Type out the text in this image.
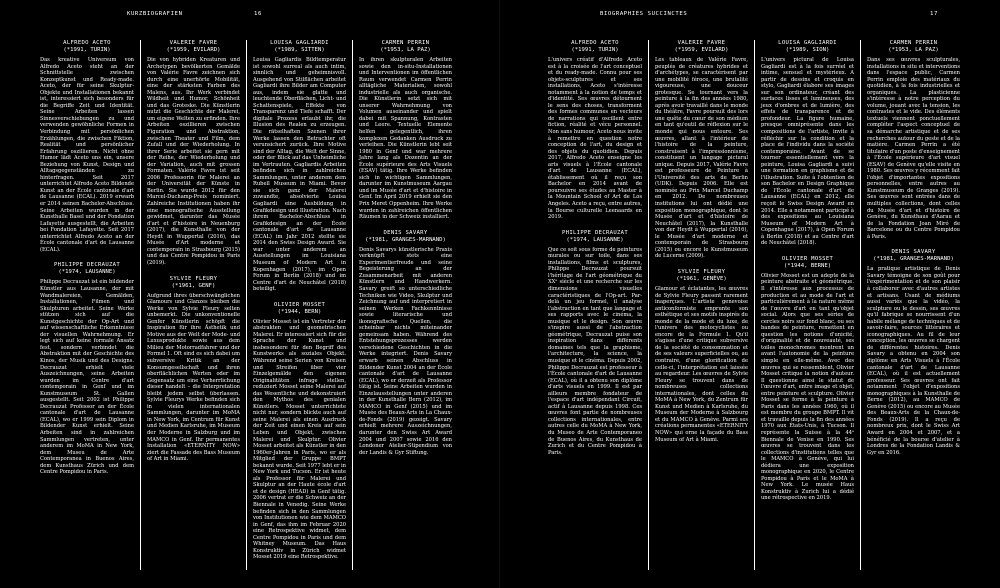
KURZBIOGRAFIEN	16
ALFREDO ACETO
(*1991, TURIN)
Das kreative Universum von Alfredo Aceto steht an der Schnittstelle zwischen Konzeptkunst und Ready-made. Aceto, der für seine Skulptur-Objekte und Installationen bekannt ist, interessiert sich besonders für die Begriffe Zeit und Identität. Seine Arbeiten lassen Sinnesverschiebungen zu und verwenden gewöhnliche Formen in Verbindung mit persönlichen Erzählungen, die zwischen Fiktion, Realität und persönlicher Erfahrung oszillieren. Nicht ohne Humor lädt Aceto uns ein, unsere Beziehung von Kunst, Design und Alltagsgegenständen zu hinterfragen. Seit 2017 unterrichtet Alfredo Aceto Bildende Kunst an der École cantonale d'art de Lausanne (ECAL). 2019 erwarb er 2014 seinen Bachelor-Abschluss. Seine Arbeiten wurden in der Kunsthalle Basel und der Fondation Lafayette ausgestellt, die Arbeiten bei Fondation Lafayette. Seit 2017 unterrichtet Alfredo Aceto an der École cantonale d'art de Lausanne (ECAL).
PHILIPPE DECRAUZAT
(*1974, LAUSANNE)
Philippe Decrauzat ist ein bildender Künstler aus Lausanne, der mit Wandmalereien, Gemälden, Installationen, Filmen und Skulpturen arbeitet. Seine Werke stützen sich auf die Kunstgeschichte der Op-Art und auf wissenschaftliche Erkenntnisse der visuellen Wahrnehmung. Er legt sich auf keine formale Ansatz fest, sondern verbindet die Abstraktion mit der Geschichte des Kinos, der Musik und des Designs. Decrauzat erhielt viele Auszeichnungen, seine Arbeiten wurden im Centre d'art contemporain in Genf und im Kunstmuseum St. Gallen ausgestellt. Seit 2002 ist Philippe Decrauzat Professor an der École cantonale d'art de Lausanne (ECAL), wo er 1999 sein Diplom in Bildender Kunst erhielt. Seine Arbeiten sind in zahlreichen Sammlungen vertreten, unter anderem im MoMA in New York, dem Museu de Arte Contemporanea in Buenos Aires, dem Kunsthaus Zürich und dem Centre Pompidou in Paris.
VALÉRIE FAVRE
(*1959, EVILARD)
Die von hybriden Kreaturen und Archetypen bevölkerten Gemälde von Valérie Favre zeichnen sich durch eine unerhörte Mobilität, eine der stärksten Farben des Malens, aus. Ihr Werk verbindet Wildheit und Humor, Schönheit und das Groteske. Die Künstlerin nutzt die Geschichte der Malerei, um eigene Welten zu erfinden. Ihre Arbeiten oszillieren zwischen Figuration und Abstraktion, zwischen Theater und Film, dem Zufall und der Wiederholung. In ihrer Serie arbeitet sie gern mit der Reihe, der Wiederholung und der Variation, auch mit grossen Formaten. Valérie Favre ist seit 2006 Professorin für Malerei an der Universität der Künste in Berlin. Sie wurde 2012 für den Marcel-Duchamp-Preis nominiert. Zahlreiche Institutionen haben ihr eine monografische Ausstellung gewidmet, darunter das Musée d'art et d'histoire in Neuenburg (2017), die Kunsthalle von der Heydt in Wuppertal (2016), das Musée d'Art moderne et contemporain in Strasbourg (2015) und das Centre Pompidou in Paris (2019).
SYLVIE FLEURY
(*1961, GENF)
Aufgrund ihres überschwänglichen Glamours und Glanzes bleiben die Werke von Sylvie Fleury selten unbemerkt. Die unkonventionelle Genfer Künstlerin schöpft die Inspiration für ihre Ästhetik und Motive aus der Welt der Mode- und Luxusprodukte sowie aus dem Milieu der Motorradfahrer und der Formel 1. Oft sind es sich dabei um subversive Kritik an der Konsumgesellschaft und ihren oberflächlichen Werten oder im Gegensatz um eine Verherrlichung dieser handelt – die Interpretation bleibt jedem selbst überlassen. Sylvie Fleurys Werke befinden sich in vielen internationalen Sammlungen, darunter im MoMA in New York, im Centrum für Kunst und Medien Karlsruhe, im Museum der Moderne in Salzburg und im MAMCO in Genf. Ihr permanentes Installation «ETERNITY NOW» ziert die Fassade des Bass Museum of Art in Miami.
LOUISA GAGLIARDI
(*1989, SITTEN)
Louisa Gagliardis Bildtemperatur ist sowohl surreal als auch intim, sinnlich und geheimnisvoll. Ausgehend von Stilflächen arbeitet Gagliardi ihre Bilder am Computer aus, indem sie glatte und leuchtende Oberflächen, Licht- und Schattenspiele, Effekte von Transparenz und Tiefe schafft. Der digitale Prozess erlaubt ihr, die Illusion des Realen zu erzeugen. Die rätselhaften Szenen ihrer Werke lassen den Betrachter oft verunsichert zurück. Ihre Motive sind der Alltag, die Welt der Sinne, oder der Blick auf das Unheimliche im Vertrauten. Gagliardis Arbeiten befinden sich in zahlreichen Sammlungen, unter anderem dem Rubell Museum in Miami. Bevor sie sich ganz der Malerei zuwandte, absolvierte Louisa Gagliardi eine Ausbildung in Grafikdesign und Illustration. Nach ihrem Bachelor-Abschluss in Grafikdesign an der École cantonale d'art de Lausanne (ECAL) im Jahr 2012 stellte sie 2014 den Swiss Design Award. Sie war unter anderem an Ausstellungen im Louisiana Museum of Modern Art in Kopenhagen (2017), im Open Forum in Berlin (2018) und im Centre d'art de Neuchâtel (2018) beteiligt.
OLIVIER MOSSET
(*1944, BERN)
Olivier Mosset ist ein Vertreter der abstrakten und geometrischen Malerei. Er interessiert sich für die Sprache der Kunst und insbesondere für den Begriff des Kunstwerks als soziales Objekt. Während seine Serien von Kreisen und Streifen über vier Einzelgemälde den eigenen Originalitäten infrage stellen, reduziert Mosset seine Malerei auf das Wesentliche und dekonstruiert den Mythos des genialen Künstlers. Mosset unterrichtete nicht nur, sondern blickte auch auf seine Malerei als einen Ausdruck der Zeit und einen Kreis auf sein Leben und Objekt, zwischen Malerei und Skulptur. Olivier Mosset arbeitet als Künstler in den 1960er-Jahren in Paris, wo er als Mitglied der Gruppe BMPT bekannt wurde. Seit 1977 lebt er in New York und Tucson. Er ist heute als Professor für Malerei und Skulptur an der Haute école d'art et de design (HEAD) in Genf tätig. 2006 vertrat er die Schweiz an der Biennale in Venedig. Seine Werke befinden sich in den Sammlungen von Institutionen wie dem MAMCO in Genf, das ihm im Februar 2020 eine Retrospektive widmet, dem Centre Pompidou in Paris und dem Whitney Museum. Das Haus Konstruktiv in Zürich widmet Mosset 2019 eine Retrospektive.
CARMEN PERRIN
(*1953, LA PAZ)
In ihren skulpturalen Arbeiten sowie den in-situ-Installationen und Interventionen im öffentlichen Raum verwendet Carmen Perrin alltägliche Materialien, sowohl industrielle als auch organische. Die Künstlerin setzt sich mit unserer Wahrnehmung von Volumen auseinander und spielt dabei mit Spannung, Kontrasten und Leere. Textuelle Elemente helfen gelegentlich, ihren komplexen Gedanken Ausdruck zu verleihen. Die Künstlerin lebt seit 1980 in Genf und war mehrere Jahre lang als Dozentin an der École supérieure des Arts Visuels (ESAV) tätig. Ihre Werke befinden sich in wichtigen Sammlungen, darunter im Kunstmuseum Aargau und im Musée d'art et d'histoire in Genf. Im April 2019 erhielt sie den Prix Meret Oppenheim. Ihre Werke wurden in zahlreichen öffentlichen Räumen in der Schweiz installiert.
DENIS SAVARY
(*1981, GRANGES-MARNAND)
Denis Savarys künstlerische Praxis verknüpft stets eine Experimentierfreude und seine Begeisterung an der Zusammenarbeit mit anderen Künstlern und Handwerkern. Savary greift so unterschiedliche Techniken wie Video, Skulptur und Zeichnung auf und interpretiert in seinen Werken Fachkenntnisse sowie literarische und ikonografische Quellen, die scheinbar nichts miteinander gemeinsam haben. Während des Entstehungsprozesses werden verschiedene Geschichten in die Werke integriert. Denis Savary erwarb seinen Abschluss in Bildender Kunst 2004 an der École cantonale d'art de Lausanne (ECAL), wo er derzeit als Professor tätig ist. Seine Arbeiten wurden in Einzelausstellungen unter anderen in der Kunsthalle Bern (2012), im MAMCO in Genf (2015) und im Musée des Beaux-Arts in La Chaux-de-Fonds (2019) gezeigt. Savary erhielt mehrere Auszeichnungen, darunter den Swiss Art Award 2004 und 2007 sowie 2016 den Londoner Atelier-Stipendium von der Landis & Gyr Stiftung.
BIOGRAPHIES SUCCINCTES	17
ALFREDO ACETO
(*1991, TURIN)
L'univers créatif d'Alfredo Aceto est à la croisée de l'art conceptuel et du ready-made. Connu pour ses objets-sculptures et ses installations, Aceto s'intéresse notamment à la notion de temps et d'identité. Ses œuvres détournent le sens des choses, transforment des formes communes en vecteurs de narrations qui oscillent entre fiction, réalité et vécu personnel. Non sans humour, Aceto nous invite à remettre en question notre conception de l'art, du design et des objets du quotidien. Depuis 2017, Alfredo Aceto enseigne les arts visuels à l'École cantonale d'art de Lausanne (ECAL), établissement où il reçu son Bachelor en 2014 avant de poursuivre ses études au Master à la Mountain School of Art de Los Angeles. Aceto a reçu, entre autres, la Bourse culturelle Leenaards en 2019.
PHILIPPE DECRAUZAT
(*1974, LAUSANNE)
Que ce soit sous forme de peintures murales ou sur toile, dans ses installations, films et sculptures, Philippe Decrauzat poursuit l'héritage de l'art géométrique du XXᵉ siècle et une recherche sur les dimensions visuelles caractéristiques de l'Op-art. Par-delà un jeu formel, il analyse l'abstraction en tant que langage et ses rapports avec le cinéma, la musique et le design. Son œuvre s'inspire aussi de l'abstraction géométrique, Decrauzat puise son inspiration dans différents domaines tels que la graphisme, l'architecture, la science, la musique et le cinéma. Depuis 2002, Philippe Decrauzat est professeur à l'École cantonale d'art de Lausanne (ECAL), où il a obtenu son diplôme d'arts visuels en 1999. Il est par ailleurs membre fondateur de l'espace d'art indépendant Circuit, actif à Lausanne depuis 1998. Ces œuvres font partie de nombreuses collections internationales, entre autres celle du MoMA à New York, du Museo de Arte Contemporaneo de Buenos Aires, du Kunsthaus de Zurich et du Centre Pompidou à Paris.
VALÉRIE FAVRE
(*1959, EVILARD)
Les tableaux de Valérie Favre, peuplés de créatures hybrides et d'archétypes, se caractérisent par une mobilité féroce, une brutalité vigoureuse, une douceur grotesque. Se tournant vers la peinture à la fin des années 1980, après avoir travaillé dans le monde du théâtre, Favre poursuit des lors une quête du cœur de son médium en tant qu'outil de réflexion sur le monde qui nous entoure. Ses œuvres, allant à l'intérieur de l'histoire de la peinture, construisent à l'impressionnisme, constituent un langage pictural unique. Depuis 2017, Valérie Favre est professeure de Peinture à l'Université des arts de Berlin (UDK). Depuis 2006. Elle est nominée au Prix Marcel Duchamp en 2012. De nombreuses institutions lui ont dédié une exposition monographique, dont le Musée d'art et d'histoire de Neuchâtel (2017), la Kunsthalle von der Heydt à Wuppertal (2016), le Musée d'art moderne et contemporain de Strasbourg (2015) ou encore le Kunstmuseum de Lucerne (2009).
SYLVIE FLEURY
(*1961, GENÈVE)
Glamour et éclatantes, les œuvres de Sylvie Fleury passent rarement inaperçues. L'artiste genevoise anticonformiste emprunte son esthétique et ses motifs inspirés du monde de la mode et du luxe, de l'univers des motocyclistes ou encore de la Formule 1. Qu'il s'agisse d'une critique subversive de la société de consommation et de ses valeurs superficielles ou, au contraire, d'une glorification de celle-ci, l'interprétation est laissée au regardeur. Les œuvres de Sylvie Fleury se trouvent dans de nombreuses collections internationales, dont celles du MoMA à New York, du Zentrum für Kunst und Medien à Karlsruhe, du Museum der Moderne à Salzbourg et du MAMCO à Genève. Parmi ses créations permanentes «ETERNITY NOW» qui orne la façade du Bass Museum of Art à Miami.
LOUISA GAGLIARDI
(*1989, SION)
L'univers pictural de Louisa Gagliardi est à la fois surréel et intime, sensuel et mystérieux. A partir de dessins et croquis en stylo, Gagliardi élabore ses images sur son ordinateur, créant des surfaces lisses et lumineuses, des jeux d'ombres et de lumière, des effets de transparence et de profondeur. La figure humaine, presque omniprésente dans les compositions de l'artiste, invite à réfléchir sur la condition et la place de l'individu dans la société contemporaine. Avant de se tourner essentiellement vers la peinture, Louisa Gagliardi a suivi une formation en graphisme et de l'illustration. Suite à l'obtention de son Bachelor en Design Graphique de l'École cantonale d'art de Lausanne (ECAL) en 2012, elle reçoit le Swiss Design Award en 2014. Elle a notamment participé à des expositions au Louisiana Museum of Modern Art à Copenhague (2017), à Open Forum à Berlin (2018) et au Centre d'art de Neuchâtel (2018).
OLIVIER MOSSET
(*1944, BERNE)
Olivier Mosset est un adepte de la peinture abstraite et géométrique. Il s'intéresse aux processus de production et au mode de l'art et particulièrement à la nature même de l'œuvre d'art en tant qu'objet social. Alors que ses séries de cercles noirs sur fond blanc, ou ses bandes de peinture, remettent en question les notions d'unicité, d'originalité et de nouveauté, ses toiles monochromes montrent un avant l'autonomie de la peinture simple en elle-même. Avec des œuvres qui se ressemblent, Olivier Mosset critique la notion d'auteur. Il questionne ainsi le statut de l'œuvre d'art, entre image et objet, entre peinture et sculpture. Olivier Mosset se forme à la peinture à Paris dans les années 1960, où il est membre du groupe BMPT. Il vit et travaille depuis la fin des années 1970 aux États-Unis, à Tucson. Il représente la Suisse à la 44ᵉ Biennale de Venise en 1990. Ses œuvres se trouvent dans les collections d'institutions telles que le MAMCO à Genève, qui lui dédiera une exposition monographique en 2020, le Centre Pompidou à Paris et le MoMA à New York. Le musée Haus Konstruktiv à Zurich lui a dédié une rétrospective en 2019.
CARMEN PERRIN
(*1953, LA PAZ)
Dans ses œuvres sculpturales, installations in situ et interventions dans l'espace public, Carmen Perrin emploie des matériaux du quotidien, à la fois industrielles et organiques. La plasticienne s'intéresse à notre perception du volume, jouant avec la tension, les contrastes et le vide. Des éléments textuels viennent ponctuellement compléter l'aspect conceptuel de sa démarche artistique et de ses recherches autour du geste et de la matière. Carmen Perrin a été titulaire d'un poste d'enseignement à l'École supérieure d'art visuel (ESAV) de Genève qu'elle visite en 1980. Ses œuvres y récemment fait l'objet d'importantes expositions personnelles, entre autres au Kunstmuseum de Granges (2019). Ses œuvres sont entrées dans de multiples collections, dont celles du Musée d'art et d'histoire de Genève, du Kunsthaus d'Aarau et de la Fondation Joan Miró de Barcelone ou du Centre Pompidou à Paris.
DENIS SAVARY
(*1981, GRANGES-MARNAND)
La pratique artistique de Denis Savary témoigne de son goût pour l'expérimentation et de son plaisir à collaborer avec d'autres artistes et artisans. Usant de médiums aussi variés que la vidéo, la sculpture ou le dessin, ses œuvres qu'il fabrique se nourrissent d'un habile mélange de techniques et de savoir-faire, sources littéraires et iconographiques. Au fil de leur conception, les œuvres se chargent de différentes histoires. Denis Savary a obtenu en 2004 son diplôme en Arts Visuels à l'École cantonale d'art de Lausanne (ECAL), où il est actuellement professeur. Ses œuvres ont fait notamment l'objet d'expositions monographiques à la Kunsthalle de Berne (2012), au MAMCO de Genève (2015) ou encore au Musée des Beaux-Arts de la Chaux-de-Fonds (2019). Il a reçu de nombreux prix, dont le Swiss Art Award en 2004 et 2007, et a bénéficié de la bourse d'atelier à Londres de la Fondation Landis & Gyr en 2016.
